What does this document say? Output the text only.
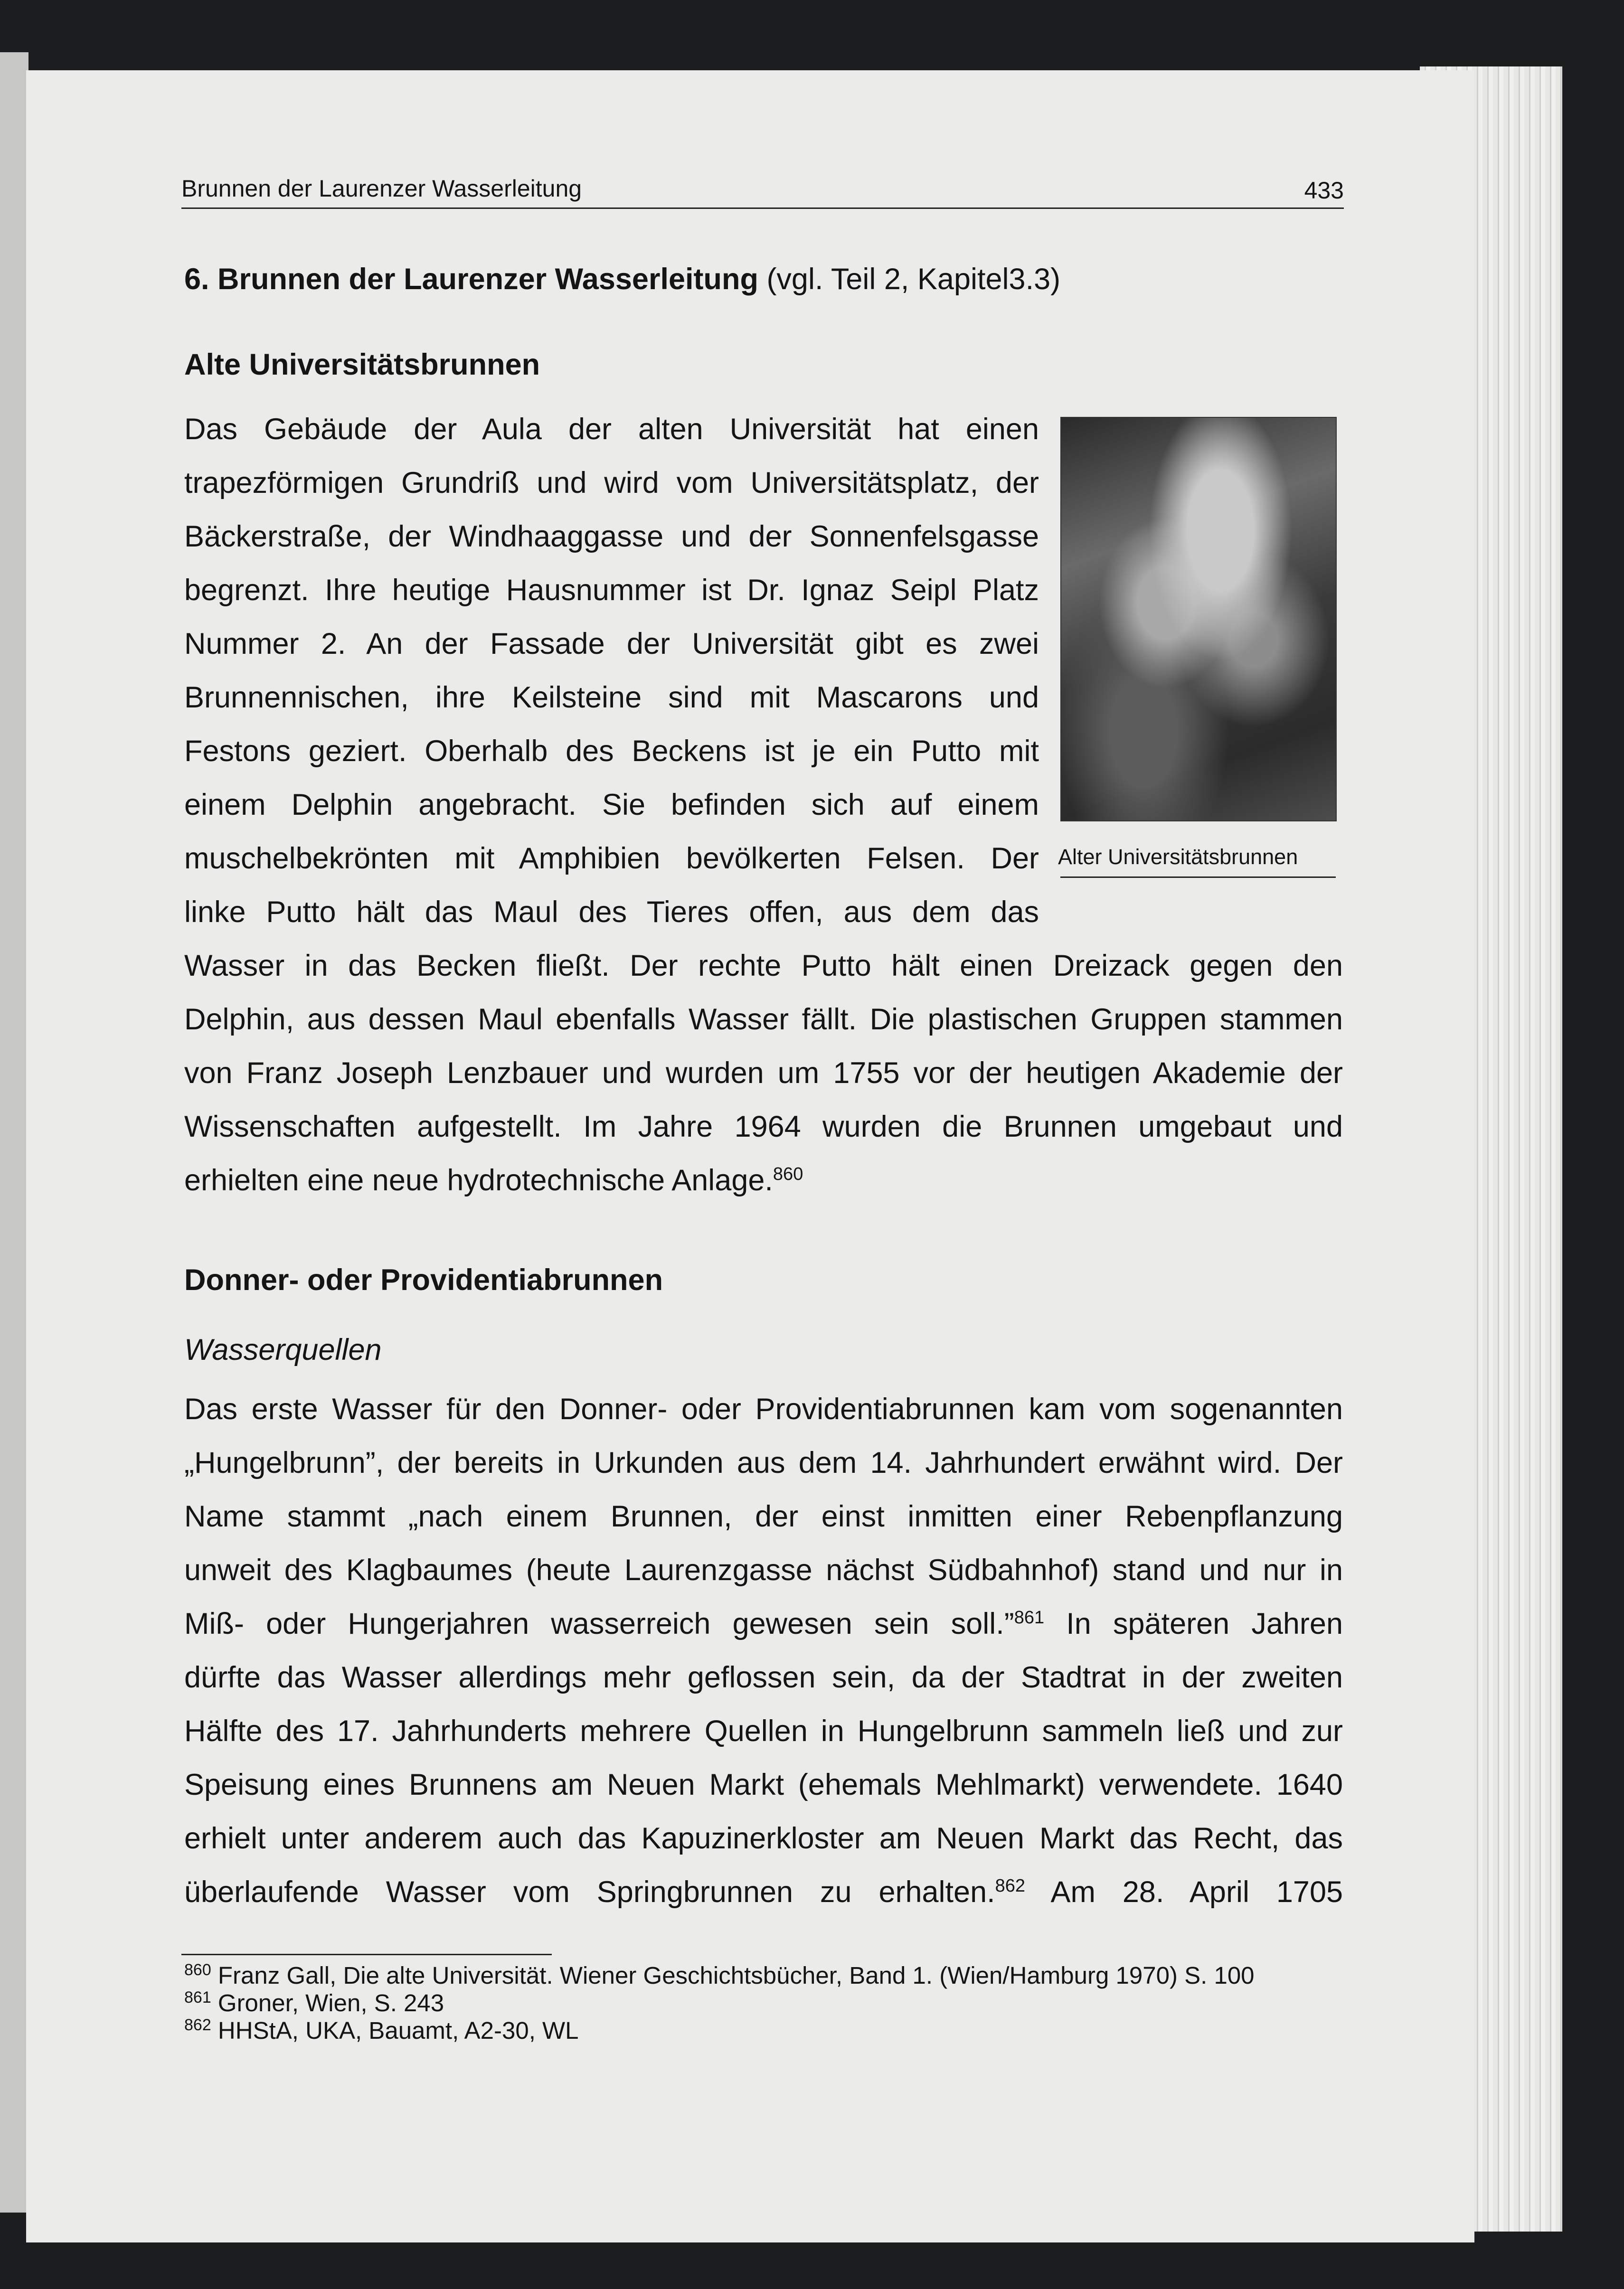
Brunnen der Laurenzer Wasserleitung	433

6. Brunnen der Laurenzer Wasserleitung (vgl. Teil 2, Kapitel3.3)

Alte Universitätsbrunnen
Alter Universitätsbrunnen
Das Gebäude der Aula der alten Universität hat einen
trapezförmigen Grundriß und wird vom Universitätsplatz, der
Bäckerstraße, der Windhaaggasse und der Sonnenfelsgasse
begrenzt. Ihre heutige Hausnummer ist Dr. Ignaz Seipl Platz
Nummer 2. An der Fassade der Universität gibt es zwei
Brunnennischen, ihre Keilsteine sind mit Mascarons und
Festons geziert. Oberhalb des Beckens ist je ein Putto mit
einem Delphin angebracht. Sie befinden sich auf einem
muschelbekrönten mit Amphibien bevölkerten Felsen. Der
linke Putto hält das Maul des Tieres offen, aus dem das
Wasser in das Becken fließt. Der rechte Putto hält einen Dreizack gegen den
Delphin, aus dessen Maul ebenfalls Wasser fällt. Die plastischen Gruppen stammen
von Franz Joseph Lenzbauer und wurden um 1755 vor der heutigen Akademie der
Wissenschaften aufgestellt. Im Jahre 1964 wurden die Brunnen umgebaut und
erhielten eine neue hydrotechnische Anlage.$^{860}$
Donner- oder Providentiabrunnen
Wasserquellen
Das erste Wasser für den Donner- oder Providentiabrunnen kam vom sogenannten
„Hungelbrunn”, der bereits in Urkunden aus dem 14. Jahrhundert erwähnt wird. Der
Name stammt „nach einem Brunnen, der einst inmitten einer Rebenpflanzung
unweit des Klagbaumes (heute Laurenzgasse nächst Südbahnhof) stand und nur in
Miß- oder Hungerjahren wasserreich gewesen sein soll.”$^{861}$ In späteren Jahren
dürfte das Wasser allerdings mehr geflossen sein, da der Stadtrat in der zweiten
Hälfte des 17. Jahrhunderts mehrere Quellen in Hungelbrunn sammeln ließ und zur
Speisung eines Brunnens am Neuen Markt (ehemals Mehlmarkt) verwendete. 1640
erhielt unter anderem auch das Kapuzinerkloster am Neuen Markt das Recht, das
überlaufende Wasser vom Springbrunnen zu erhalten.$^{862}$ Am 28. April 1705
$^{860}$ Franz Gall, Die alte Universität. Wiener Geschichtsbücher, Band 1. (Wien/Hamburg 1970) S. 100
$^{861}$ Groner, Wien, S. 243
$^{862}$ HHStA, UKA, Bauamt, A2-30, WL
